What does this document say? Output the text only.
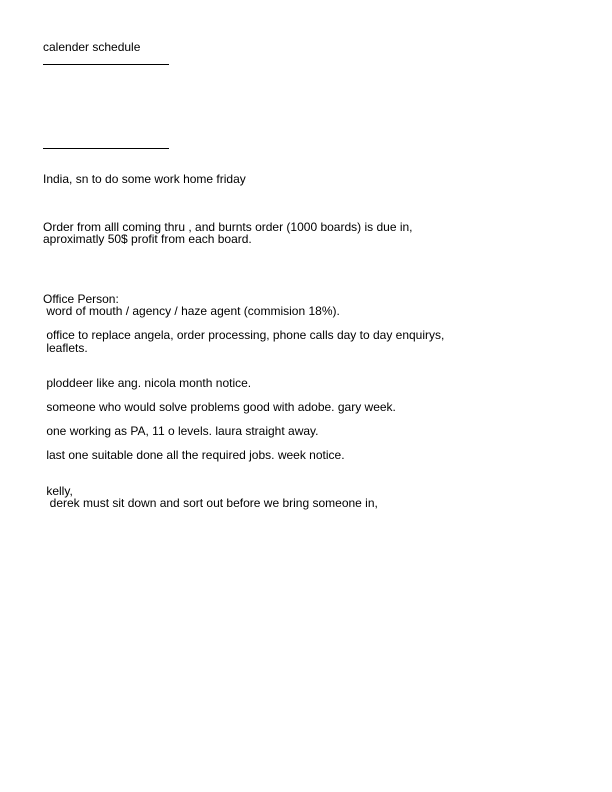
calender schedule
India, sn to do some work home friday
Order from alll coming thru , and burnts order (1000 boards) is due in,
aproximatly 50$ profit from each board.
Office Person:
word of mouth / agency / haze agent (commision 18%).
office to replace angela, order processing, phone calls day to day enquirys,
leaflets.
ploddeer like ang. nicola month notice.
someone who would solve problems good with adobe. gary week.
one working as PA, 11 o levels. laura straight away.
last one suitable done all the required jobs. week notice.
kelly,
derek must sit down and sort out before we bring someone in,
